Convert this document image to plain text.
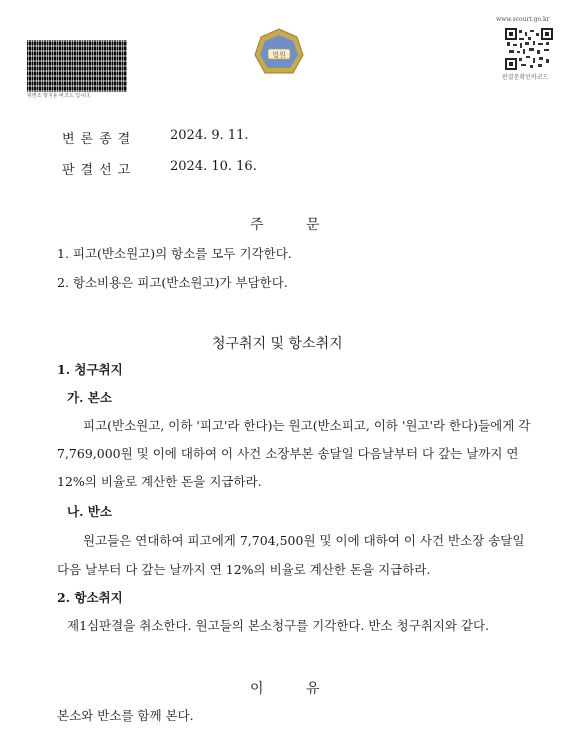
위변조 방지용 바코드 입니다.
법원
www.scourt.go.kr
판결문확인바코드
변론종결	2024. 9. 11.
판결선고	2024. 10. 16.
주	문
1. 피고(반소원고)의 항소를 모두 기각한다.
2. 항소비용은 피고(반소원고)가 부담한다.
청구취지 및 항소취지
1. 청구취지
가. 본소
피고(반소원고, 이하 '피고'라 한다)는 원고(반소피고, 이하 '원고'라 한다)들에게 각
7,769,000원 및 이에 대하여 이 사건 소장부본 송달일 다음날부터 다 갚는 날까지 연
12%의 비율로 계산한 돈을 지급하라.
나. 반소
원고들은 연대하여 피고에게 7,704,500원 및 이에 대하여 이 사건 반소장 송달일
다음 날부터 다 갚는 날까지 연 12%의 비율로 계산한 돈을 지급하라.
2. 항소취지
제1심판결을 취소한다. 원고들의 본소청구를 기각한다. 반소 청구취지와 같다.
이	유
본소와 반소를 함께 본다.
